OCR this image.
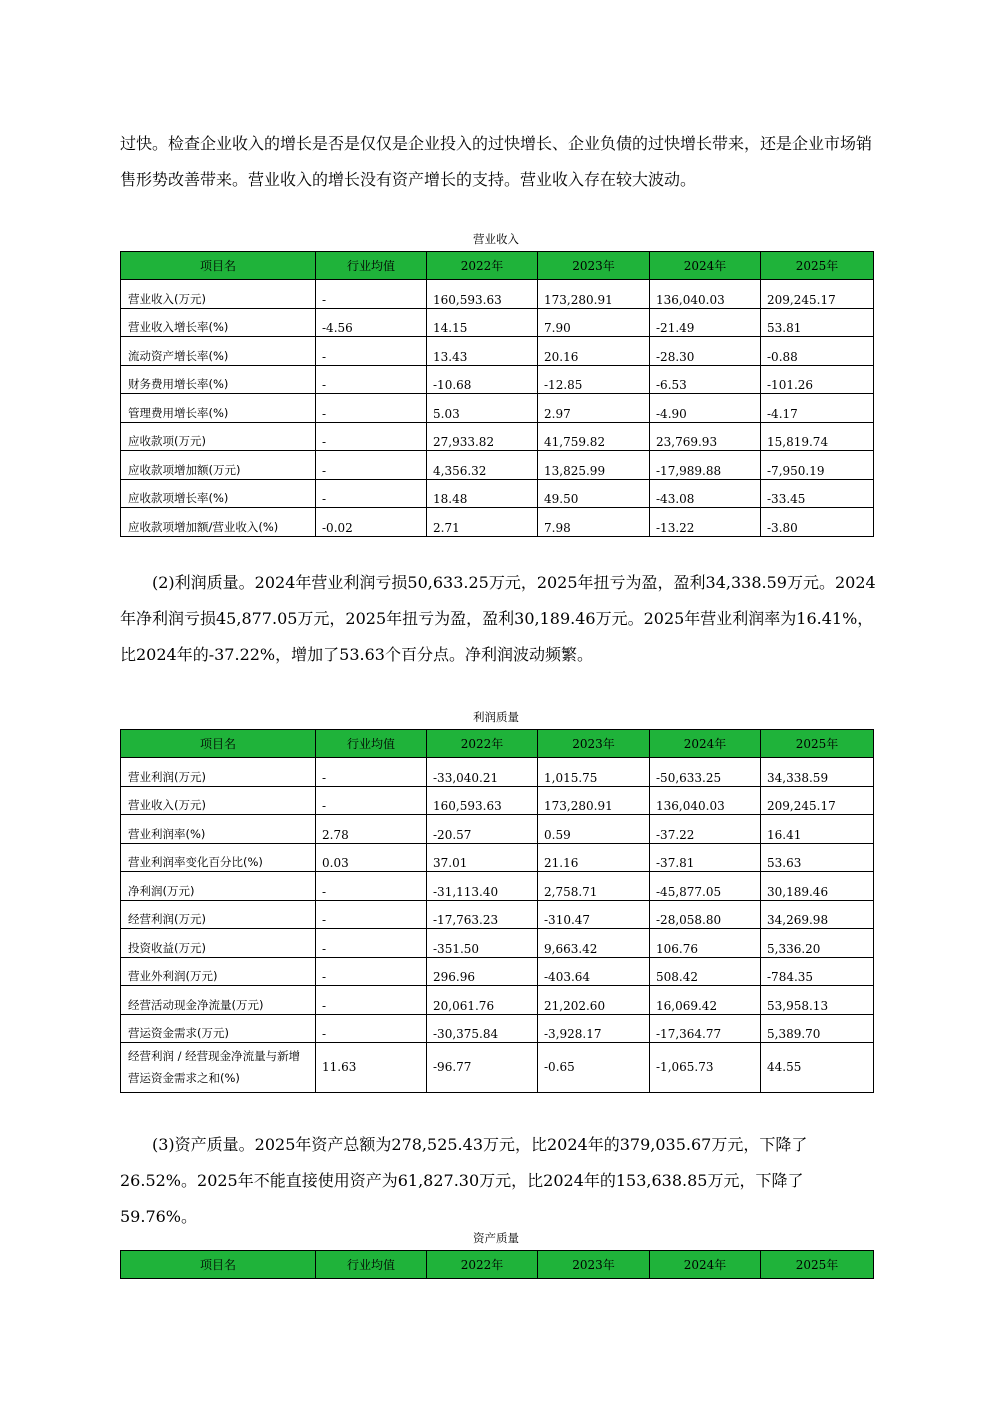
过快。检查企业收入的增长是否是仅仅是企业投入的过快增长、企业负债的过快增长带来，还是企业市场销售形势改善带来。营业收入的增长没有资产增长的支持。营业收入存在较大波动。

营业收入
项目名	行业均值	2022年	2023年	2024年	2025年
营业收入(万元)	-	160,593.63	173,280.91	136,040.03	209,245.17
营业收入增长率(%)	-4.56	14.15	7.90	-21.49	53.81
流动资产增长率(%)	-	13.43	20.16	-28.30	-0.88
财务费用增长率(%)	-	-10.68	-12.85	-6.53	-101.26
管理费用增长率(%)	-	5.03	2.97	-4.90	-4.17
应收款项(万元)	-	27,933.82	41,759.82	23,769.93	15,819.74
应收款项增加额(万元)	-	4,356.32	13,825.99	-17,989.88	-7,950.19
应收款项增长率(%)	-	18.48	49.50	-43.08	-33.45
应收款项增加额/营业收入(%)	-0.02	2.71	7.98	-13.22	-3.80

(2)利润质量。2024年营业利润亏损50,633.25万元，2025年扭亏为盈，盈利34,338.59万元。2024年净利润亏损45,877.05万元，2025年扭亏为盈，盈利30,189.46万元。2025年营业利润率为16.41%，比2024年的-37.22%，增加了53.63个百分点。净利润波动频繁。

利润质量
项目名	行业均值	2022年	2023年	2024年	2025年
营业利润(万元)	-	-33,040.21	1,015.75	-50,633.25	34,338.59
营业收入(万元)	-	160,593.63	173,280.91	136,040.03	209,245.17
营业利润率(%)	2.78	-20.57	0.59	-37.22	16.41
营业利润率变化百分比(%)	0.03	37.01	21.16	-37.81	53.63
净利润(万元)	-	-31,113.40	2,758.71	-45,877.05	30,189.46
经营利润(万元)	-	-17,763.23	-310.47	-28,058.80	34,269.98
投资收益(万元)	-	-351.50	9,663.42	106.76	5,336.20
营业外利润(万元)	-	296.96	-403.64	508.42	-784.35
经营活动现金净流量(万元)	-	20,061.76	21,202.60	16,069.42	53,958.13
营运资金需求(万元)	-	-30,375.84	-3,928.17	-17,364.77	5,389.70
经营利润 / 经营现金净流量与新增营运资金需求之和(%)	11.63	-96.77	-0.65	-1,065.73	44.55

(3)资产质量。2025年资产总额为278,525.43万元，比2024年的379,035.67万元，下降了26.52%。2025年不能直接使用资产为61,827.30万元，比2024年的153,638.85万元，下降了59.76%。

资产质量
项目名	行业均值	2022年	2023年	2024年	2025年
